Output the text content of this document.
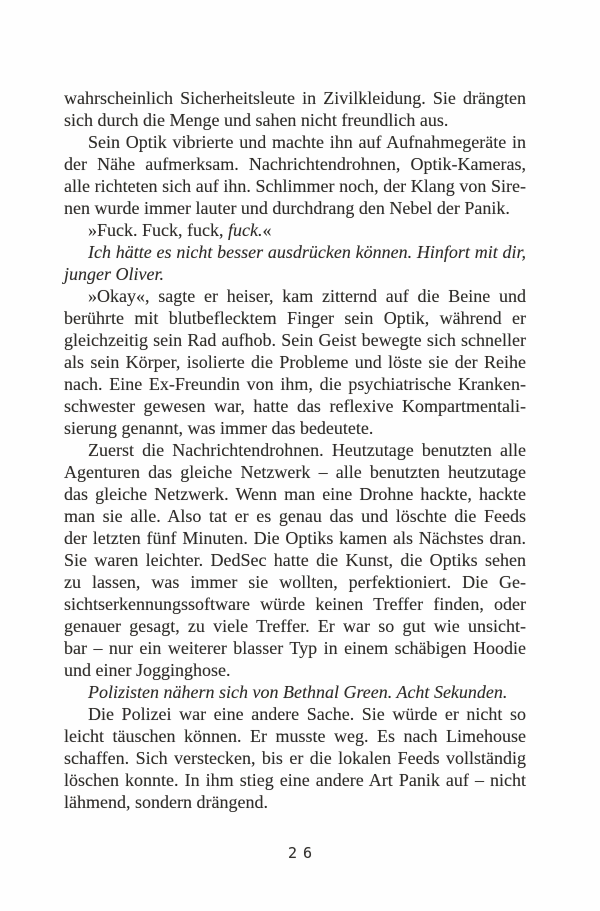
wahrscheinlich Sicherheitsleute in Zivilkleidung. Sie drängten
sich durch die Menge und sahen nicht freundlich aus.
Sein Optik vibrierte und machte ihn auf Aufnahmegeräte in
der Nähe aufmerksam. Nachrichtendrohnen, Optik-Kameras,
alle richteten sich auf ihn. Schlimmer noch, der Klang von Sire-
nen wurde immer lauter und durchdrang den Nebel der Panik.
»Fuck. Fuck, fuck, fuck.«
Ich hätte es nicht besser ausdrücken können. Hinfort mit dir,
junger Oliver.
»Okay«, sagte er heiser, kam zitternd auf die Beine und
berührte mit blutbeflecktem Finger sein Optik, während er
gleichzeitig sein Rad aufhob. Sein Geist bewegte sich schneller
als sein Körper, isolierte die Probleme und löste sie der Reihe
nach. Eine Ex-Freundin von ihm, die psychiatrische Kranken-
schwester gewesen war, hatte das reflexive Kompartmentali-
sierung genannt, was immer das bedeutete.
Zuerst die Nachrichtendrohnen. Heutzutage benutzten alle
Agenturen das gleiche Netzwerk – alle benutzten heutzutage
das gleiche Netzwerk. Wenn man eine Drohne hackte, hackte
man sie alle. Also tat er es genau das und löschte die Feeds
der letzten fünf Minuten. Die Optiks kamen als Nächstes dran.
Sie waren leichter. DedSec hatte die Kunst, die Optiks sehen
zu lassen, was immer sie wollten, perfektioniert. Die Ge-
sichtserkennungssoftware würde keinen Treffer finden, oder
genauer gesagt, zu viele Treffer. Er war so gut wie unsicht-
bar – nur ein weiterer blasser Typ in einem schäbigen Hoodie
und einer Jogginghose.
Polizisten nähern sich von Bethnal Green. Acht Sekunden.
Die Polizei war eine andere Sache. Sie würde er nicht so
leicht täuschen können. Er musste weg. Es nach Limehouse
schaffen. Sich verstecken, bis er die lokalen Feeds vollständig
löschen konnte. In ihm stieg eine andere Art Panik auf – nicht
lähmend, sondern drängend.
26
